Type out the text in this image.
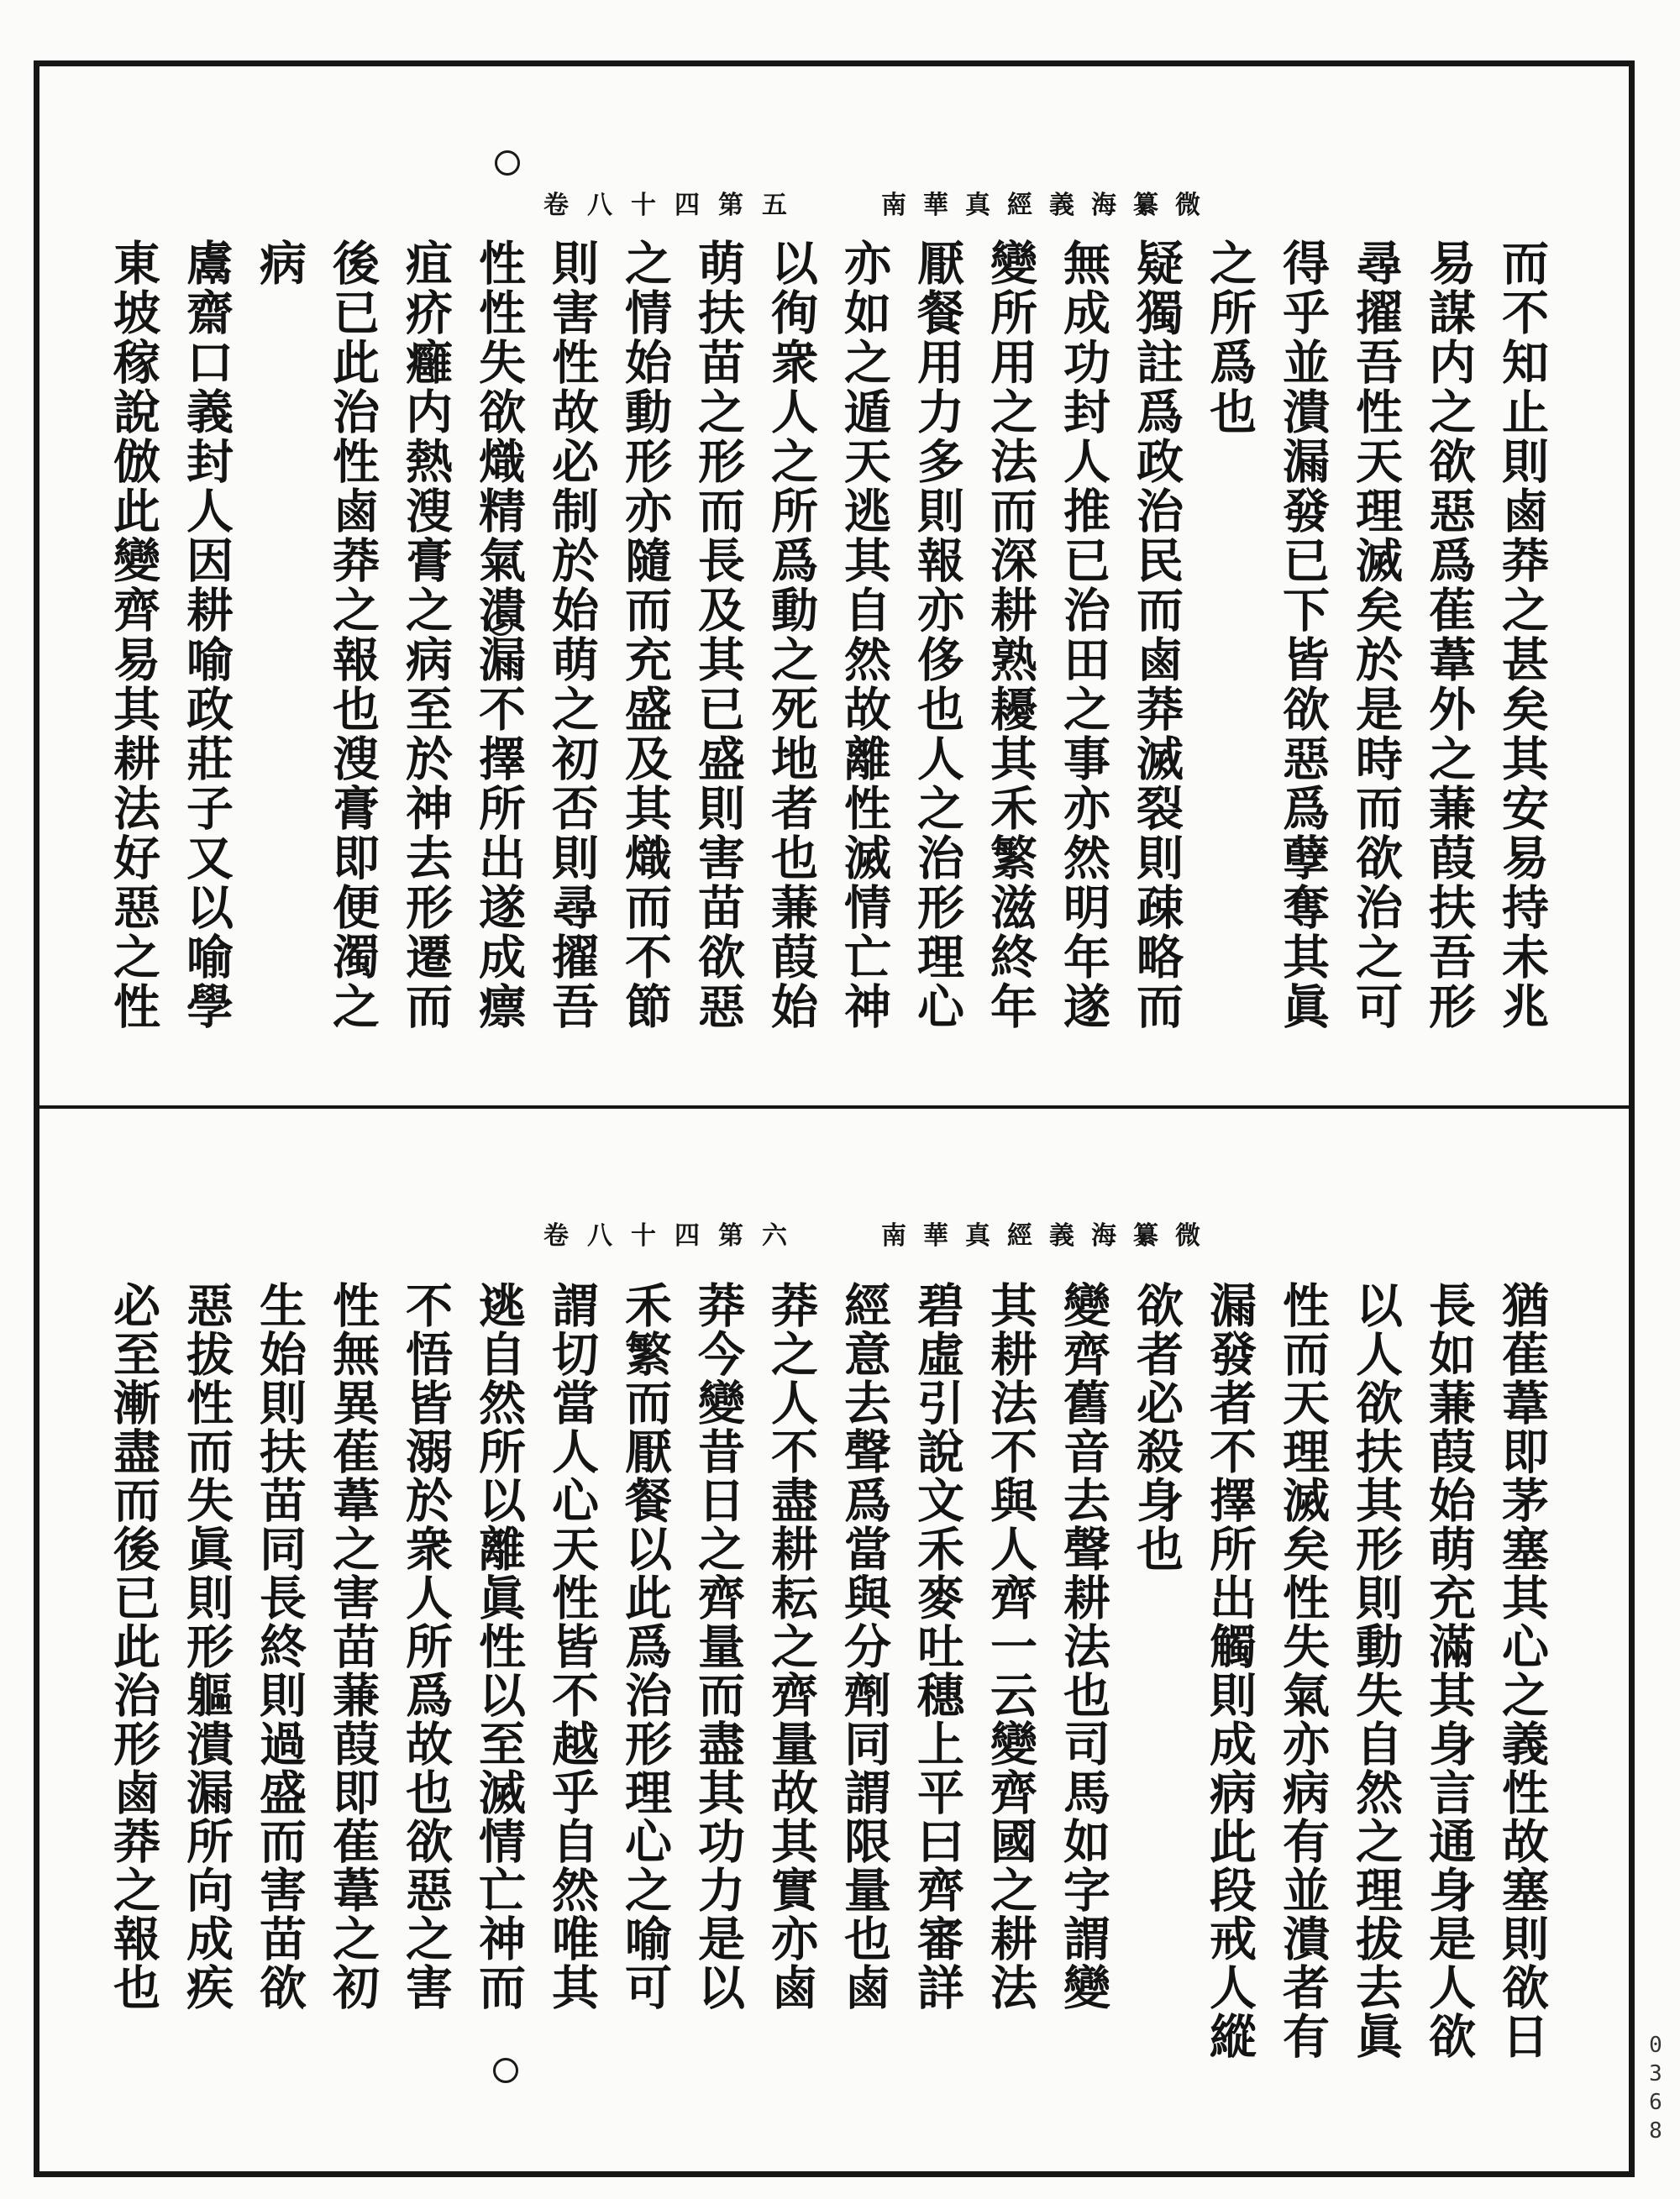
南華真經義海纂微
卷八十四第五
而不知止則鹵莽之甚矣其安易持未兆
易謀内之欲惡爲萑葦外之蒹葭扶吾形
尋擢吾性天理滅矣於是時而欲治之可
得乎並潰漏發已下皆欲惡爲孽奪其眞
之所爲也
疑獨註爲政治民而鹵莽滅裂則疎略而
無成功封人推已治田之事亦然明年遂
變所用之法而深耕熟耰其禾繁滋終年
厭餐用力多則報亦侈也人之治形理心
亦如之遁天逃其自然故離性滅情亡神
以徇衆人之所爲動之死地者也蒹葭始
萌扶苗之形而長及其已盛則害苗欲惡
之情始動形亦隨而充盛及其熾而不節
則害性故必制於始萌之初否則尋擢吾
性性失欲熾精氣潰漏不擇所出遂成瘭
疽疥癰内熱溲膏之病至於神去形遷而
後已此治性鹵莽之報也溲膏即便濁之
病
鬳齋口義封人因耕喻政莊子又以喻學
東坡稼說倣此變齊易其耕法好惡之性
南華真經義海纂微
卷八十四第六
猶萑葦即茅塞其心之義性故塞則欲日
長如蒹葭始萌充滿其身言通身是人欲
以人欲扶其形則動失自然之理拔去眞
性而天理滅矣性失氣亦病有並潰者有
漏發者不擇所出觸則成病此段戒人縱
欲者必殺身也
變齊舊音去聲耕法也司馬如字謂變
其耕法不與人齊一云變齊國之耕法
碧虛引說文禾麥吐穗上平曰齊審詳
經意去聲爲當與分劑同謂限量也鹵
莽之人不盡耕耘之齊量故其實亦鹵
莽今變昔日之齊量而盡其功力是以
禾繁而厭餐以此爲治形理心之喻可
謂切當人心天性皆不越乎自然唯其
逃自然所以離眞性以至滅情亡神而
不悟皆溺於衆人所爲故也欲惡之害
性無異萑葦之害苗蒹葭即萑葦之初
生始則扶苗同長終則過盛而害苗欲
惡拔性而失眞則形軀潰漏所向成疾
必至漸盡而後已此治形鹵莽之報也
0368
